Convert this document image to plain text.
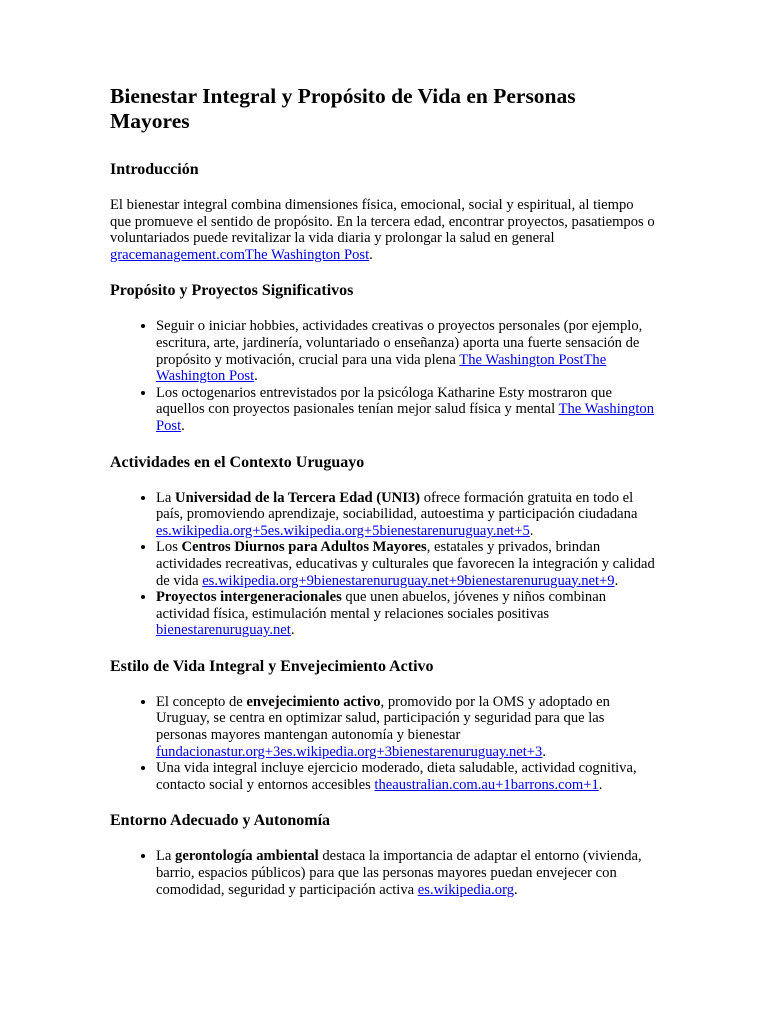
Bienestar Integral y Propósito de Vida en Personas Mayores
Introducción

El bienestar integral combina dimensiones física, emocional, social y espiritual, al tiempo que promueve el sentido de propósito. En la tercera edad, encontrar proyectos, pasatiempos o voluntariados puede revitalizar la vida diaria y prolongar la salud en general gracemanagement.comThe Washington Post.

Propósito y Proyectos Significativos
• Seguir o iniciar hobbies, actividades creativas o proyectos personales (por ejemplo, escritura, arte, jardinería, voluntariado o enseñanza) aporta una fuerte sensación de propósito y motivación, crucial para una vida plena The Washington PostThe Washington Post.
• Los octogenarios entrevistados por la psicóloga Katharine Esty mostraron que aquellos con proyectos pasionales tenían mejor salud física y mental The Washington Post.
Actividades en el Contexto Uruguayo
• La Universidad de la Tercera Edad (UNI3) ofrece formación gratuita en todo el país, promoviendo aprendizaje, sociabilidad, autoestima y participación ciudadana es.wikipedia.org+5es.wikipedia.org+5bienestarenuruguay.net+5.
• Los Centros Diurnos para Adultos Mayores, estatales y privados, brindan actividades recreativas, educativas y culturales que favorecen la integración y calidad de vida es.wikipedia.org+9bienestarenuruguay.net+9bienestarenuruguay.net+9.
• Proyectos intergeneracionales que unen abuelos, jóvenes y niños combinan actividad física, estimulación mental y relaciones sociales positivas bienestarenuruguay.net.
Estilo de Vida Integral y Envejecimiento Activo
• El concepto de envejecimiento activo, promovido por la OMS y adoptado en Uruguay, se centra en optimizar salud, participación y seguridad para que las personas mayores mantengan autonomía y bienestar fundacionastur.org+3es.wikipedia.org+3bienestarenuruguay.net+3.
• Una vida integral incluye ejercicio moderado, dieta saludable, actividad cognitiva, contacto social y entornos accesibles theaustralian.com.au+1barrons.com+1.
Entorno Adecuado y Autonomía
• La gerontología ambiental destaca la importancia de adaptar el entorno (vivienda, barrio, espacios públicos) para que las personas mayores puedan envejecer con comodidad, seguridad y participación activa es.wikipedia.org.
